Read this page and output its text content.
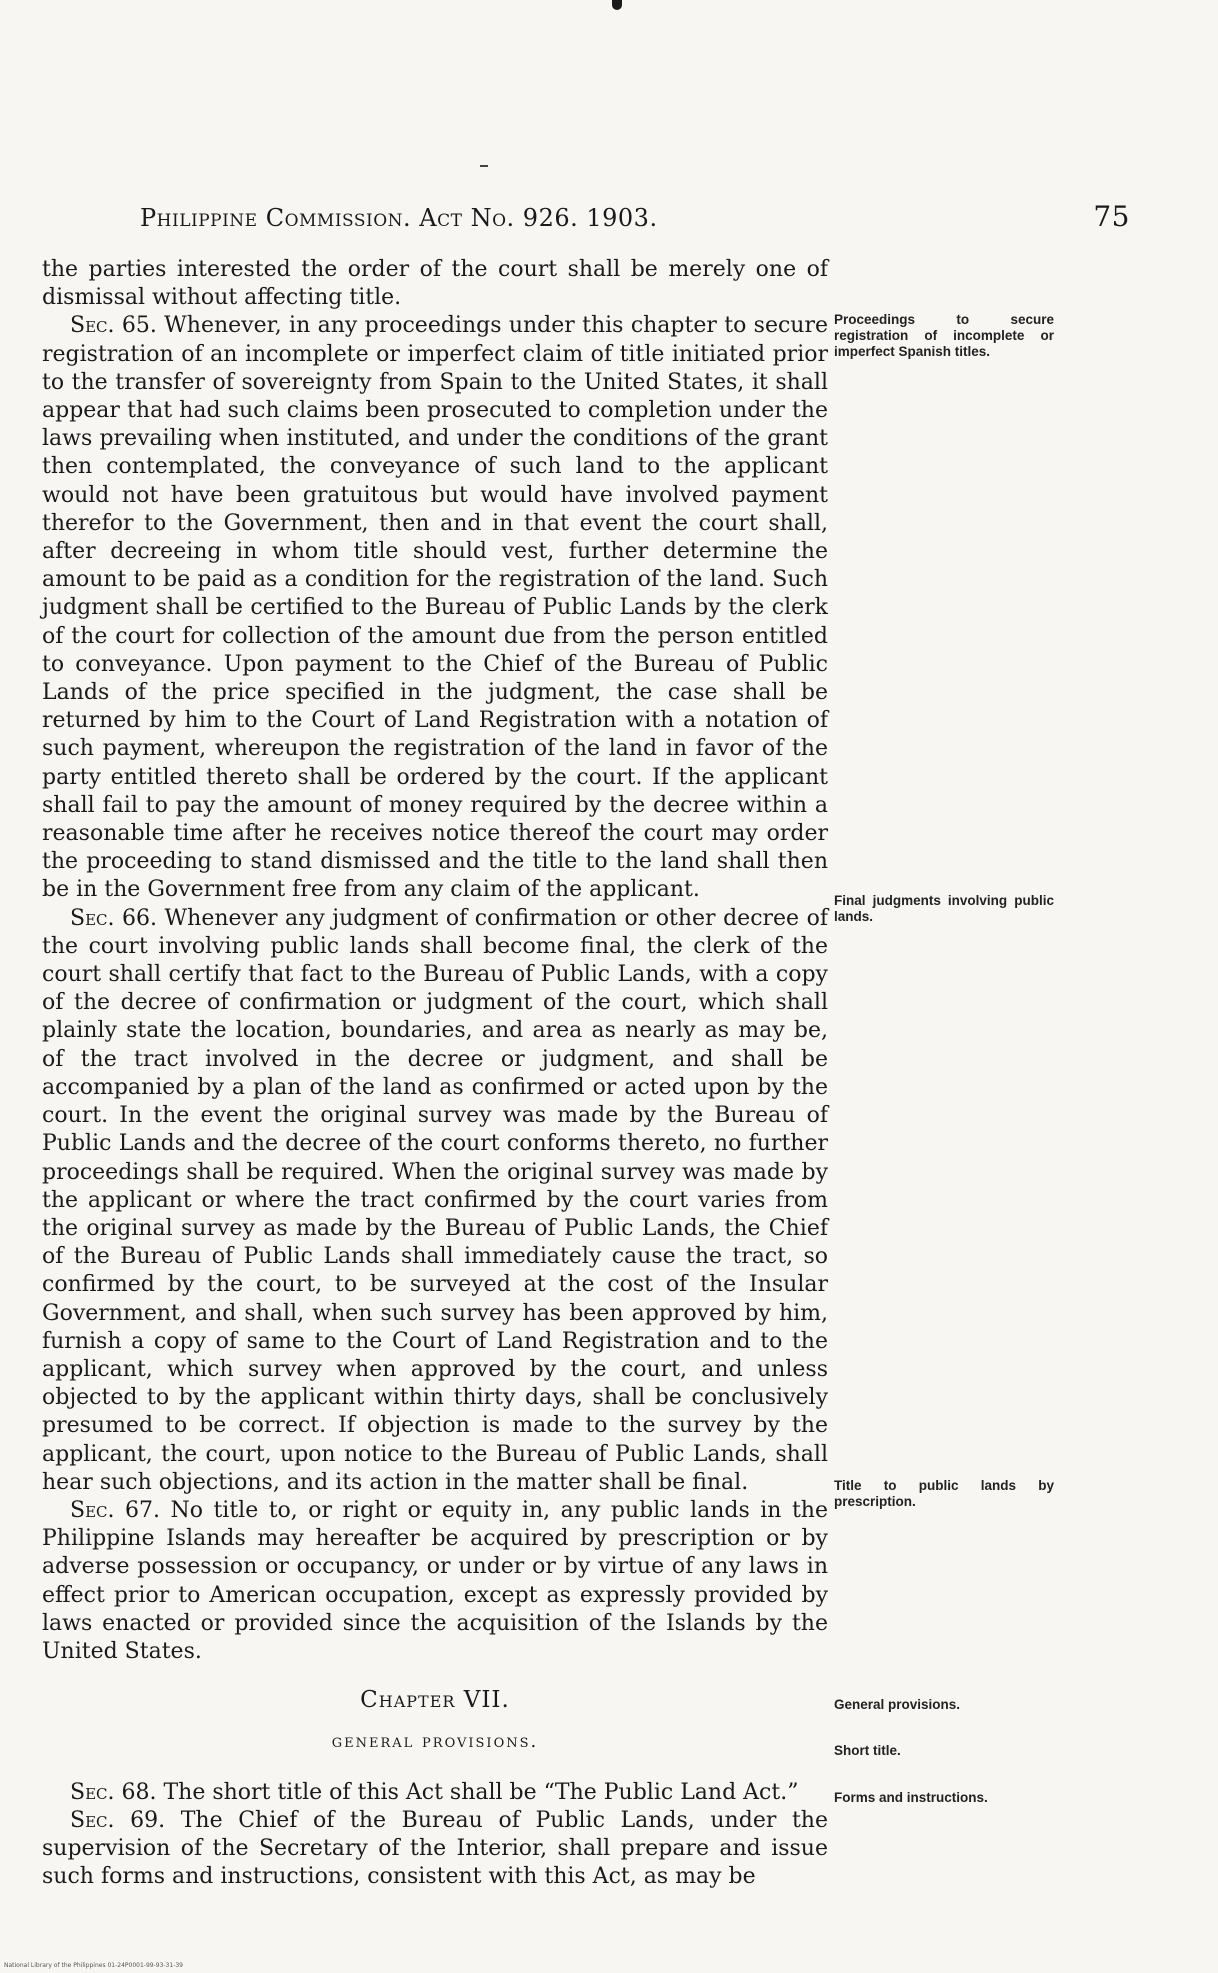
Philippine Commission. Act No. 926. 1903.	75

the parties interested the order of the court shall be merely one of dismissal without affecting title.

Sec. 65. Whenever, in any proceedings under this chapter to secure registration of an incomplete or imperfect claim of title initiated prior to the transfer of sovereignty from Spain to the United States, it shall appear that had such claims been prosecuted to completion under the laws prevailing when instituted, and under the conditions of the grant then contemplated, the conveyance of such land to the applicant would not have been gratuitous but would have involved payment therefor to the Government, then and in that event the court shall, after decreeing in whom title should vest, further determine the amount to be paid as a condition for the registration of the land. Such judgment shall be certified to the Bureau of Public Lands by the clerk of the court for collection of the amount due from the person entitled to conveyance. Upon payment to the Chief of the Bureau of Public Lands of the price specified in the judgment, the case shall be returned by him to the Court of Land Registration with a notation of such payment, whereupon the registration of the land in favor of the party entitled thereto shall be ordered by the court. If the applicant shall fail to pay the amount of money required by the decree within a reasonable time after he receives notice thereof the court may order the proceeding to stand dismissed and the title to the land shall then be in the Government free from any claim of the applicant.

Sec. 66. Whenever any judgment of confirmation or other decree of the court involving public lands shall become final, the clerk of the court shall certify that fact to the Bureau of Public Lands, with a copy of the decree of confirmation or judgment of the court, which shall plainly state the location, boundaries, and area as nearly as may be, of the tract involved in the decree or judgment, and shall be accompanied by a plan of the land as confirmed or acted upon by the court. In the event the original survey was made by the Bureau of Public Lands and the decree of the court conforms thereto, no further proceedings shall be required. When the original survey was made by the applicant or where the tract confirmed by the court varies from the original survey as made by the Bureau of Public Lands, the Chief of the Bureau of Public Lands shall immediately cause the tract, so confirmed by the court, to be surveyed at the cost of the Insular Government, and shall, when such survey has been approved by him, furnish a copy of same to the Court of Land Registration and to the applicant, which survey when approved by the court, and unless objected to by the applicant within thirty days, shall be conclusively presumed to be correct. If objection is made to the survey by the applicant, the court, upon notice to the Bureau of Public Lands, shall hear such objections, and its action in the matter shall be final.

Sec. 67. No title to, or right or equity in, any public lands in the Philippine Islands may hereafter be acquired by prescription or by adverse possession or occupancy, or under or by virtue of any laws in effect prior to American occupation, except as expressly provided by laws enacted or provided since the acquisition of the Islands by the United States.

Chapter VII.

general provisions.

Sec. 68. The short title of this Act shall be “The Public Land Act.”

Sec. 69. The Chief of the Bureau of Public Lands, under the supervision of the Secretary of the Interior, shall prepare and issue such forms and instructions, consistent with this Act, as may be

Proceedings to secure registration of incomplete or imperfect Spanish titles.
Final judgments involving public lands.
Title to public lands by prescription.
General provisions.
Short title.
Forms and instructions.
National Library of the Philippines 01-24P0001-99-93-31-39
